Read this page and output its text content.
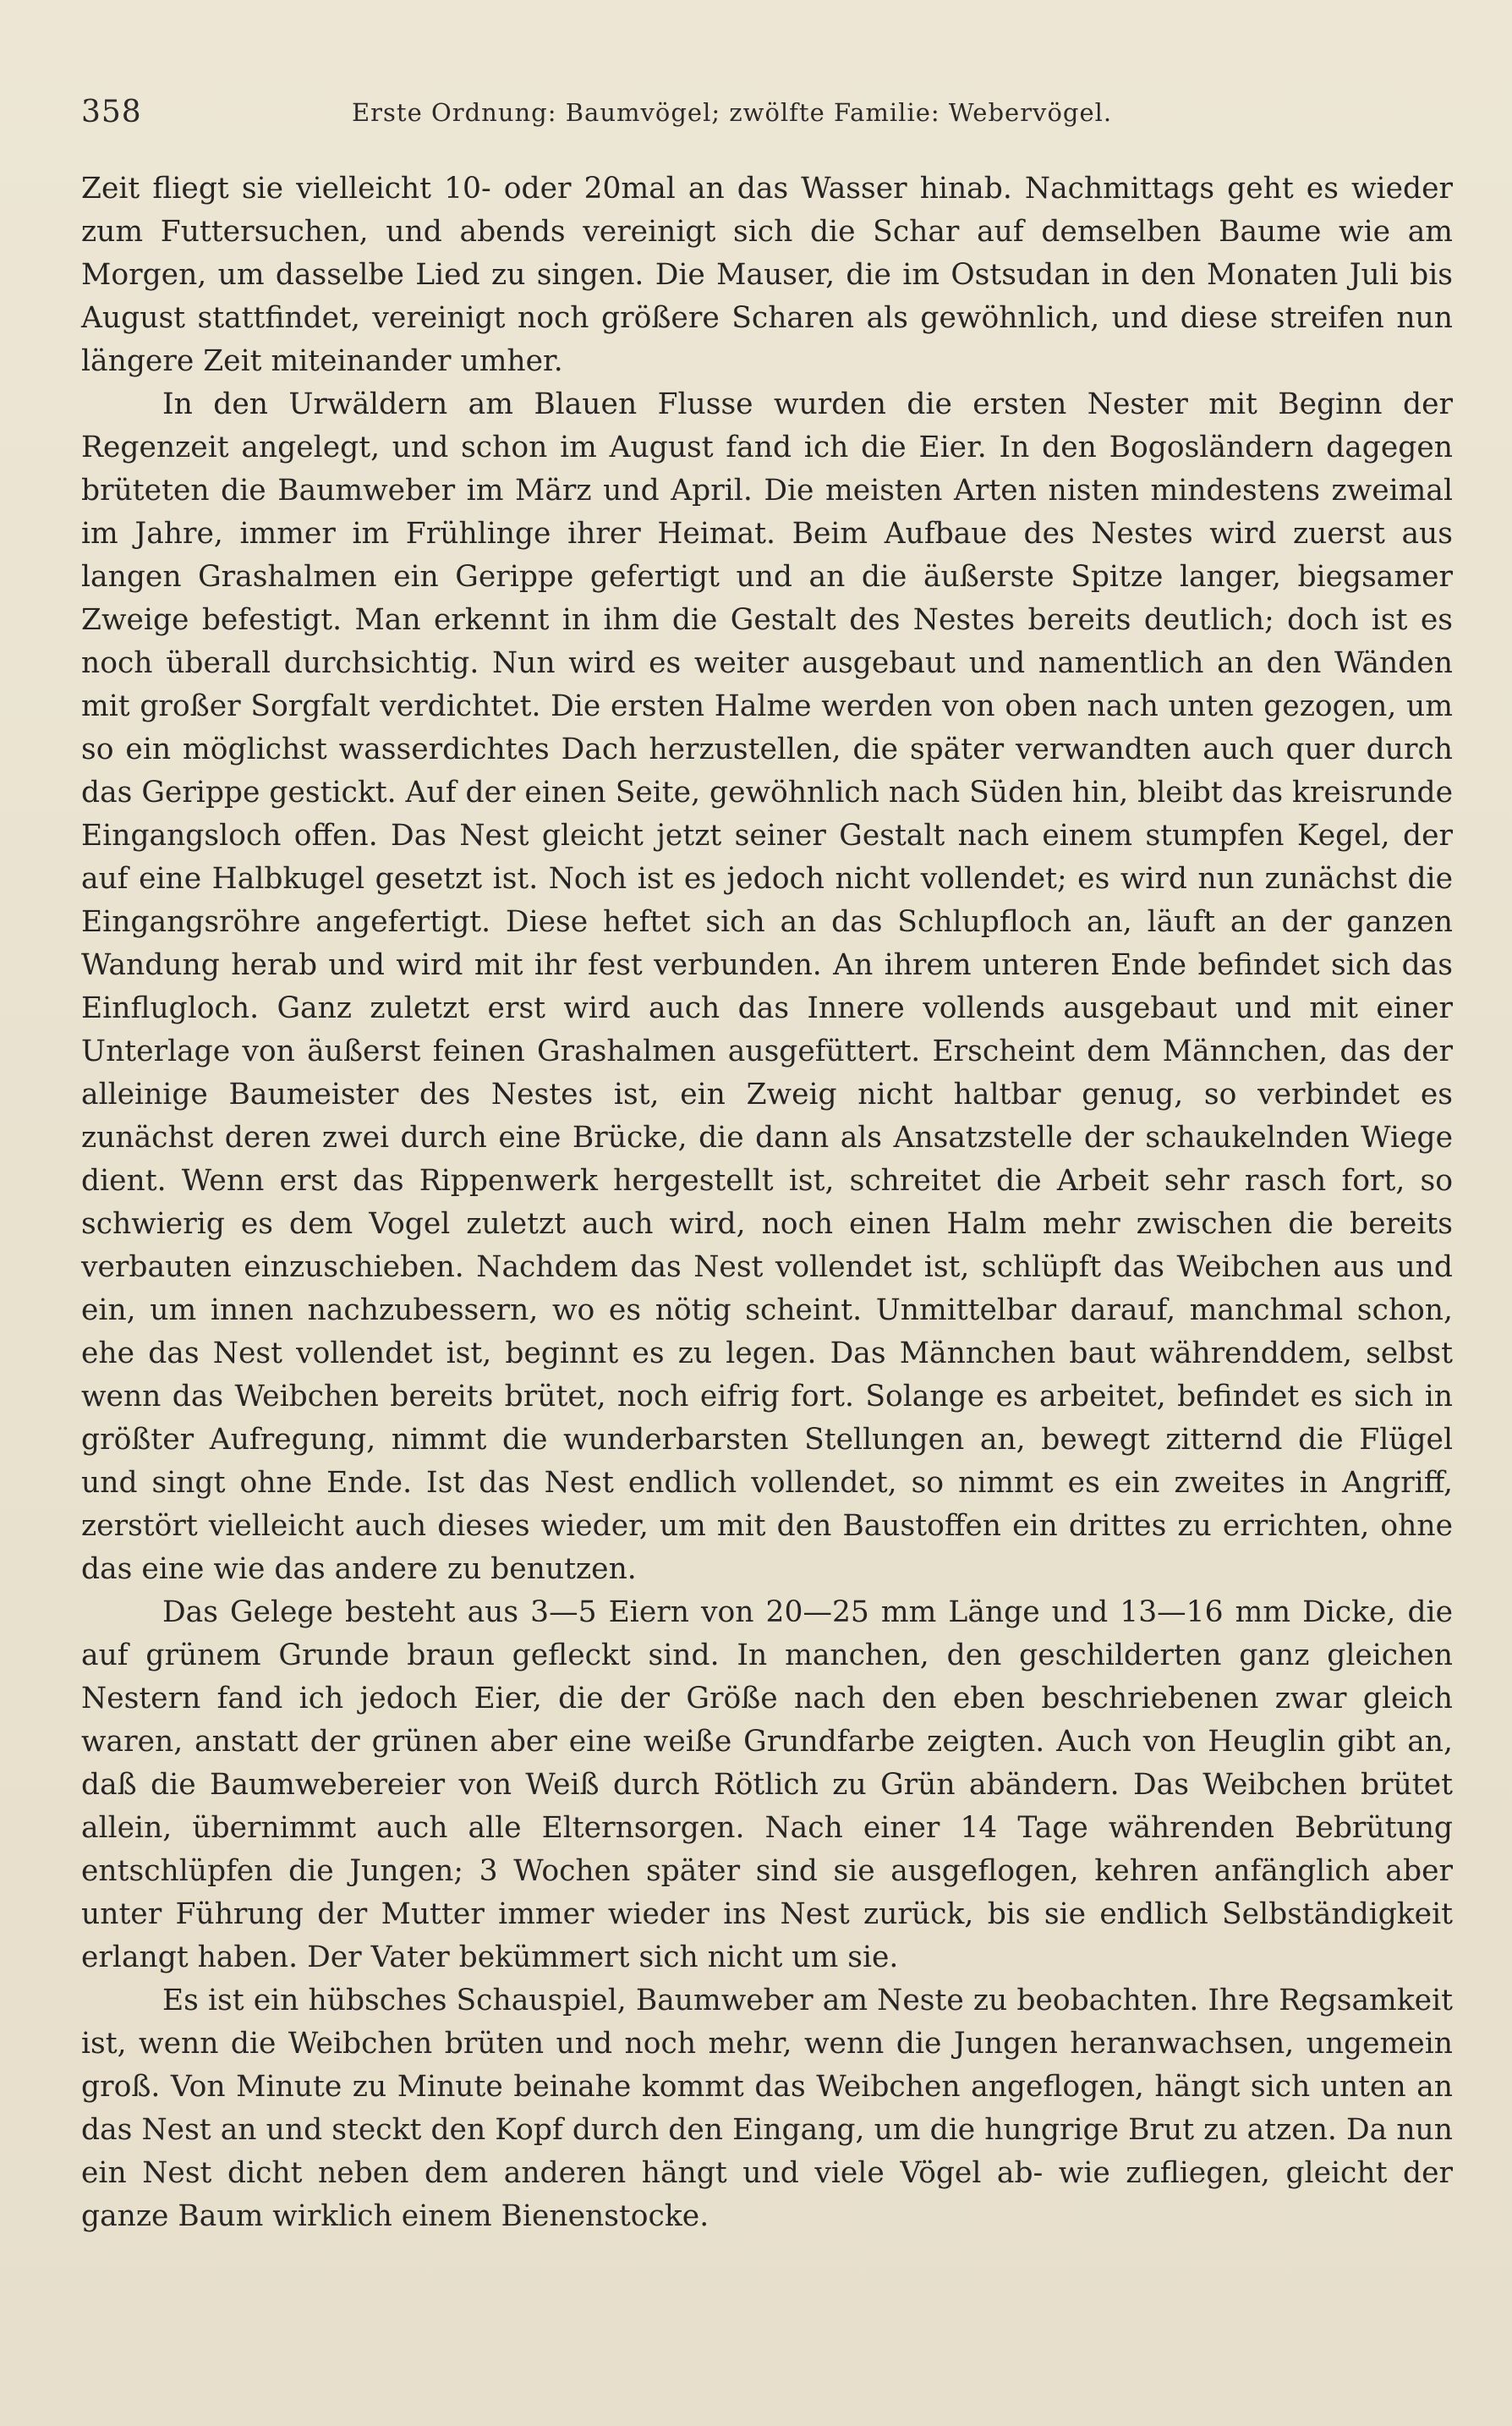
358	Erste Ordnung: Baumvögel; zwölfte Familie: Webervögel.

Zeit fliegt sie vielleicht 10- oder 20mal an das Wasser hinab. Nachmittags geht es wieder zum Futtersuchen, und abends vereinigt sich die Schar auf demselben Baume wie am Morgen, um dasselbe Lied zu singen. Die Mauser, die im Ostsudan in den Monaten Juli bis August stattfindet, vereinigt noch größere Scharen als gewöhnlich, und diese streifen nun längere Zeit miteinander umher.

In den Urwäldern am Blauen Flusse wurden die ersten Nester mit Beginn der Regenzeit angelegt, und schon im August fand ich die Eier. In den Bogosländern dagegen brüteten die Baumweber im März und April. Die meisten Arten nisten mindestens zweimal im Jahre, immer im Frühlinge ihrer Heimat. Beim Aufbaue des Nestes wird zuerst aus langen Grashalmen ein Gerippe gefertigt und an die äußerste Spitze langer, biegsamer Zweige befestigt. Man erkennt in ihm die Gestalt des Nestes bereits deutlich; doch ist es noch überall durchsichtig. Nun wird es weiter ausgebaut und namentlich an den Wänden mit großer Sorgfalt verdichtet. Die ersten Halme werden von oben nach unten gezogen, um so ein möglichst wasserdichtes Dach herzustellen, die später verwandten auch quer durch das Gerippe gestickt. Auf der einen Seite, gewöhnlich nach Süden hin, bleibt das kreisrunde Eingangsloch offen. Das Nest gleicht jetzt seiner Gestalt nach einem stumpfen Kegel, der auf eine Halbkugel gesetzt ist. Noch ist es jedoch nicht vollendet; es wird nun zunächst die Eingangsröhre angefertigt. Diese heftet sich an das Schlupfloch an, läuft an der ganzen Wandung herab und wird mit ihr fest verbunden. An ihrem unteren Ende befindet sich das Einflugloch. Ganz zuletzt erst wird auch das Innere vollends ausgebaut und mit einer Unterlage von äußerst feinen Grashalmen ausgefüttert. Erscheint dem Männchen, das der alleinige Baumeister des Nestes ist, ein Zweig nicht haltbar genug, so verbindet es zunächst deren zwei durch eine Brücke, die dann als Ansatzstelle der schaukelnden Wiege dient. Wenn erst das Rippenwerk hergestellt ist, schreitet die Arbeit sehr rasch fort, so schwierig es dem Vogel zuletzt auch wird, noch einen Halm mehr zwischen die bereits verbauten einzuschieben. Nachdem das Nest vollendet ist, schlüpft das Weibchen aus und ein, um innen nachzubessern, wo es nötig scheint. Unmittelbar darauf, manchmal schon, ehe das Nest vollendet ist, beginnt es zu legen. Das Männchen baut währenddem, selbst wenn das Weibchen bereits brütet, noch eifrig fort. Solange es arbeitet, befindet es sich in größter Aufregung, nimmt die wunderbarsten Stellungen an, bewegt zitternd die Flügel und singt ohne Ende. Ist das Nest endlich vollendet, so nimmt es ein zweites in Angriff, zerstört vielleicht auch dieses wieder, um mit den Baustoffen ein drittes zu errichten, ohne das eine wie das andere zu benutzen.

Das Gelege besteht aus 3—5 Eiern von 20—25 mm Länge und 13—16 mm Dicke, die auf grünem Grunde braun gefleckt sind. In manchen, den geschilderten ganz gleichen Nestern fand ich jedoch Eier, die der Größe nach den eben beschriebenen zwar gleich waren, anstatt der grünen aber eine weiße Grundfarbe zeigten. Auch von Heuglin gibt an, daß die Baumwebereier von Weiß durch Rötlich zu Grün abändern. Das Weibchen brütet allein, übernimmt auch alle Elternsorgen. Nach einer 14 Tage währenden Bebrütung entschlüpfen die Jungen; 3 Wochen später sind sie ausgeflogen, kehren anfänglich aber unter Führung der Mutter immer wieder ins Nest zurück, bis sie endlich Selbständigkeit erlangt haben. Der Vater bekümmert sich nicht um sie.

Es ist ein hübsches Schauspiel, Baumweber am Neste zu beobachten. Ihre Regsamkeit ist, wenn die Weibchen brüten und noch mehr, wenn die Jungen heranwachsen, ungemein groß. Von Minute zu Minute beinahe kommt das Weibchen angeflogen, hängt sich unten an das Nest an und steckt den Kopf durch den Eingang, um die hungrige Brut zu atzen. Da nun ein Nest dicht neben dem anderen hängt und viele Vögel ab- wie zufliegen, gleicht der ganze Baum wirklich einem Bienenstocke.
